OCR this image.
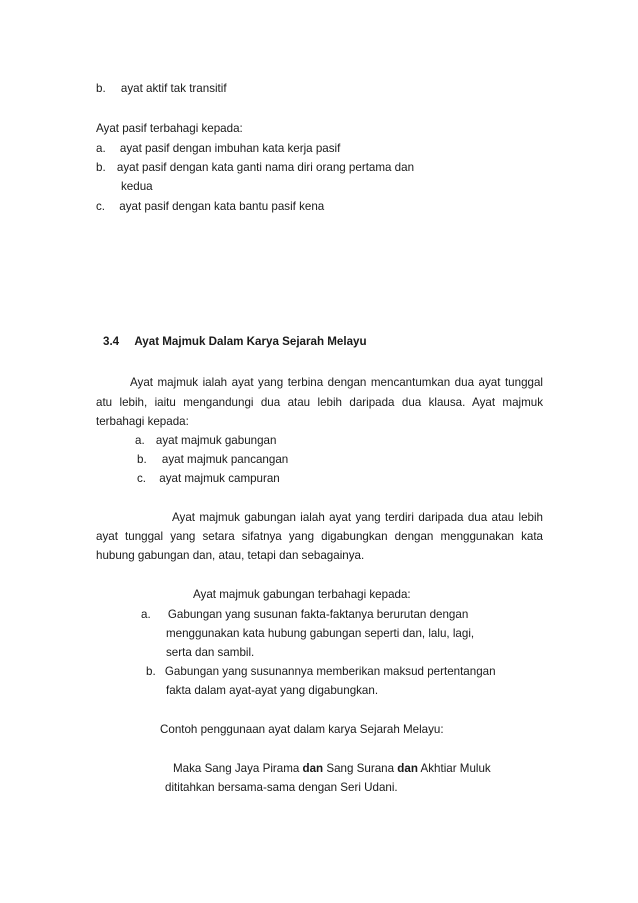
b. ayat aktif tak transitif
Ayat pasif terbahagi kepada:
a. ayat pasif dengan imbuhan kata kerja pasif
b. ayat pasif dengan kata ganti nama diri orang pertama dan
kedua
c. ayat pasif dengan kata bantu pasif kena
3.4 Ayat Majmuk Dalam Karya Sejarah Melayu
Ayat majmuk ialah ayat yang terbina dengan mencantumkan dua ayat tunggal
atu lebih, iaitu mengandungi dua atau lebih daripada dua klausa. Ayat majmuk
terbahagi kepada:
a. ayat majmuk gabungan
b. ayat majmuk pancangan
c. ayat majmuk campuran
Ayat majmuk gabungan ialah ayat yang terdiri daripada dua atau lebih
ayat tunggal yang setara sifatnya yang digabungkan dengan menggunakan kata
hubung gabungan dan, atau, tetapi dan sebagainya.
Ayat majmuk gabungan terbahagi kepada:
a. Gabungan yang susunan fakta-faktanya berurutan dengan
menggunakan kata hubung gabungan seperti dan, lalu, lagi,
serta dan sambil.
b. Gabungan yang susunannya memberikan maksud pertentangan
fakta dalam ayat-ayat yang digabungkan.
Contoh penggunaan ayat dalam karya Sejarah Melayu:
Maka Sang Jaya Pirama dan Sang Surana dan Akhtiar Muluk
dititahkan bersama-sama dengan Seri Udani.
